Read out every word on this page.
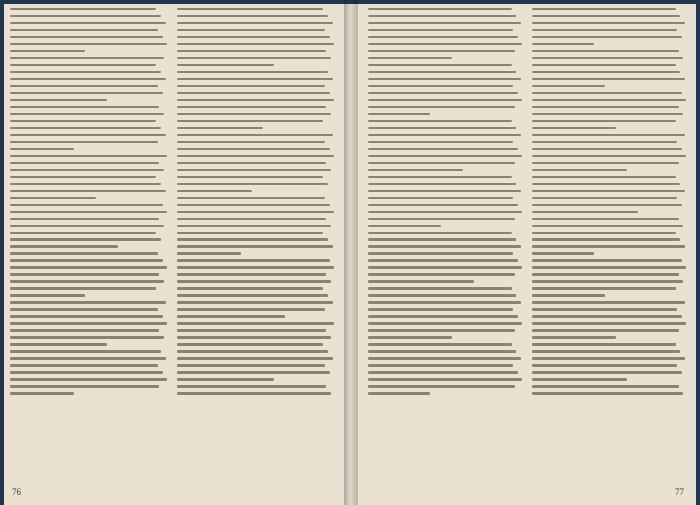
76	77
